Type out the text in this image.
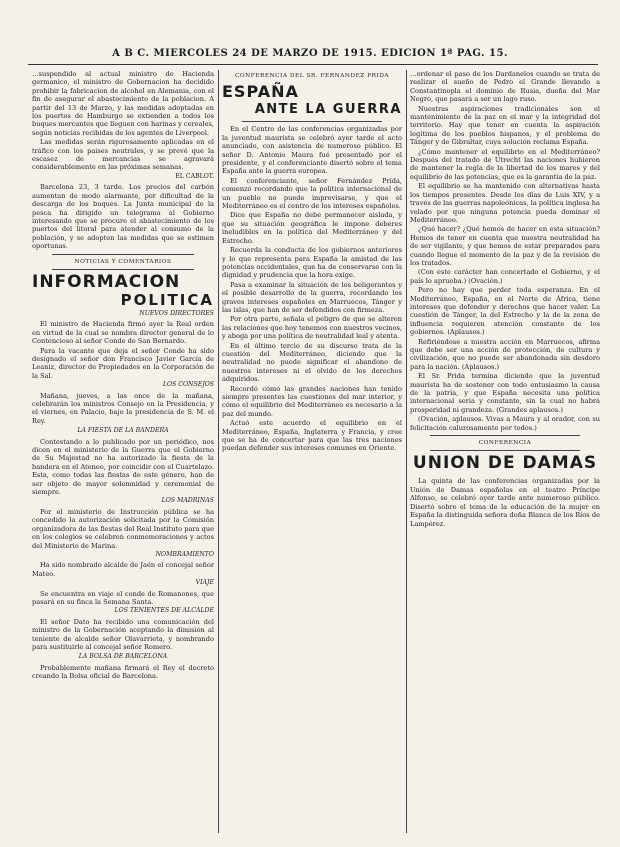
A B C. MIERCOLES 24 DE MARZO DE 1915. EDICION 1ª PAG. 15.

…suspendido al actual ministro de Hacienda germanico, el ministro de Gobernacion ha decidido prohibir la fabricacion de alcohol en Alemania, con el fin de asegurar el abastecimiento de la poblacion. A partir del 13 de Marzo, y las medidas adoptadas en los puertos de Hamburgo se extienden a todos los buques mercantes que lleguen con harinas y cereales, según noticias recibidas de los agentes de Liverpool.

Las medidas serán rigurosamente aplicadas en el tráfico con los paises neutrales, y se prevé que la escasez de mercancias se agravará considerablemente en las próximas semanas.

EL CABLOT.

Barcelona 23, 3 tarde. Los precios del carbón aumentan de modo alarmante, por dificultad de la descarga de los buques. La Junta municipal de la pesca ha dirigido un telegrama al Gobierno interesando que se procure el abastecimiento de los puertos del litoral para atender al consumo de la población, y se adopten las medidas que se estimen oportunas.

NOTICIAS Y COMENTARIOS

INFORMACION

POLITICA

NUEVOS DIRECTORES

El ministro de Hacienda firmó ayer la Real orden en virtud de la cual se nombra director general de lo Contencioso al señor Conde de San Bernardo.

Para la vacante que deja el señor Conde ha sido designado el señor don Francisco Javier García de Leaniz, director de Propiedades en la Corporación de la Sal.

LOS CONSEJOS

Mañana, jueves, a las once de la mañana, celebrarán los ministros Consejo en la Presidencia, y el viernes, en Palacio, bajo la presidencia de S. M. el Rey.

LA FIESTA DE LA BANDERA

Contestando a lo publicado por un periódico, nos dicen en el ministerio de la Guerra que el Gobierno de Su Majestad no ha autorizado la fiesta de la bandera en el Ateneo, por coincidir con el Cuartelazo. Esta, como todas las fiestas de este género, han de ser objeto de mayor solemnidad y ceremonial de siempre.

LOS MADRINAS

Por el ministerio de Instrucción pública se ha concedido la autorización solicitada por la Comisión organizadora de las fiestas del Real Instituto para que en los colegios se celebren conmemoraciones y actos del Ministerio de Marina.

NOMBRAMIENTO

Ha sido nombrado alcalde de Jaén el concejal señor Mateo.

VIAJE

Se encuentra en viaje el conde de Romanones, que pasará en su finca la Semana Santa.

LOS TENIENTES DE ALCALDE

El señor Dato ha recibido una comunicación del ministro de la Gobernación aceptando la dimisión al teniente de alcalde señor Olavarrieta, y nombrando para sustituirle al concejal señor Romero.

LA BOLSA DE BARCELONA

Probablemente mañana firmará el Rey el decreto creando la Bolsa oficial de Barcelona.

CONFERENCIA DEL SR. FERNANDEZ PRIDA

ESPAÑA

ANTE LA GUERRA

En el Centro de las conferencias organizadas por la juventud maurista se celebró ayer tarde el acto anunciado, con asistencia de numeroso público. El señor D. Antonio Maura fué presentado por el presidente, y el conferenciante disertó sobre el tema España ante la guerra europea.

El conferenciante, señor Fernández Prida, comenzó recordando que la política internacional de un pueblo no puede improvisarse, y que el Mediterráneo es el centro de los intereses españoles.

Dice que España no debe permanecer aislada, y que su situación geográfica le impone deberes ineludibles en la política del Mediterráneo y del Estrecho.

Recuerda la conducta de los gobiernos anteriores y lo que representa para España la amistad de las potencias occidentales, que ha de conservarse con la dignidad y prudencia que la hora exige.

Pasa a examinar la situación de los beligerantes y el posible desarrollo de la guerra, recordando los graves intereses españoles en Marruecos, Tánger y las islas, que han de ser defendidos con firmeza.

Por otra parte, señala el peligro de que se alteren las relaciones que hoy tenemos con nuestros vecinos, y aboga por una política de neutralidad leal y atenta.

En el último tercio de su discurso trata de la cuestión del Mediterráneo, diciendo que la neutralidad no puede significar el abandono de nuestros intereses ni el olvido de los derechos adquiridos.

Recordó cómo las grandes naciones han tenido siempre presentes las cuestiones del mar interior, y cómo el equilibrio del Mediterráneo es necesario a la paz del mundo.

Actuó este acuerdo el equilibrio en el Mediterráneo, España, Inglaterra y Francia, y cree que se ha de concertar para que las tres naciones puedan defender sus intereses comunes en Oriente.

…ordenar el paso de los Dardanelos cuando se trata de realizar el sueño de Pedro el Grande llevando a Constantinopla el dominio de Rusia, dueña del Mar Negro, que pasará a ser un lago ruso.

Nuestras aspiraciones tradicionales son el mantenimiento de la paz en el mar y la integridad del territorio. Hay que tener en cuenta la aspiración legítima de los pueblos hispanos, y el problema de Tánger y de Gibraltar, cuya solución reclama España.

¿Cómo mantener el equilibrio en el Mediterráneo? Después del tratado de Utrecht las naciones hubieron de mantener la regla de la libertad de los mares y del equilibrio de las potencias, que es la garantía de la paz.

El equilibrio se ha mantenido con alternativas hasta los tiempos presentes. Desde los días de Luis XIV, y a través de las guerras napoleónicas, la política inglesa ha velado por que ninguna potencia pueda dominar el Mediterráneo.

¿Qué hacer? ¿Qué hemos de hacer en esta situación? Hemos de tener en cuenta que nuestra neutralidad ha de ser vigilante, y que hemos de estar preparados para cuando llegue el momento de la paz y de la revisión de los tratados.

(Con este carácter han concertado el Gobierno, y el país lo aprueba.) (Ovación.)

Pero no hay que perder toda esperanza. En el Mediterráneo, España, en el Norte de África, tiene intereses que defender y derechos que hacer valer. La cuestión de Tánger, la del Estrecho y la de la zona de influencia requieren atención constante de los gobiernos. (Aplausos.)

Refiriéndose a nuestra acción en Marruecos, afirma que debe ser una acción de protección, de cultura y civilización, que no puede ser abandonada sin desdoro para la nación. (Aplausos.)

El Sr. Prida termina diciendo que la juventud maurista ha de sostener con todo entusiasmo la causa de la patria, y que España necesita una política internacional seria y constante, sin la cual no habrá prosperidad ni grandeza. (Grandes aplausos.)

(Ovación, aplausos. Vivas a Maura y al orador, con su felicitación calurosamente por todos.)

CONFERENCIA

UNION DE DAMAS

La quinta de las conferencias organizadas por la Unión de Damas españolas en el teatro Príncipe Alfonso, se celebró ayer tarde ante numeroso público. Disertó sobre el tema de la educación de la mujer en España la distinguida señora doña Blanca de los Ríos de Lampérez.
